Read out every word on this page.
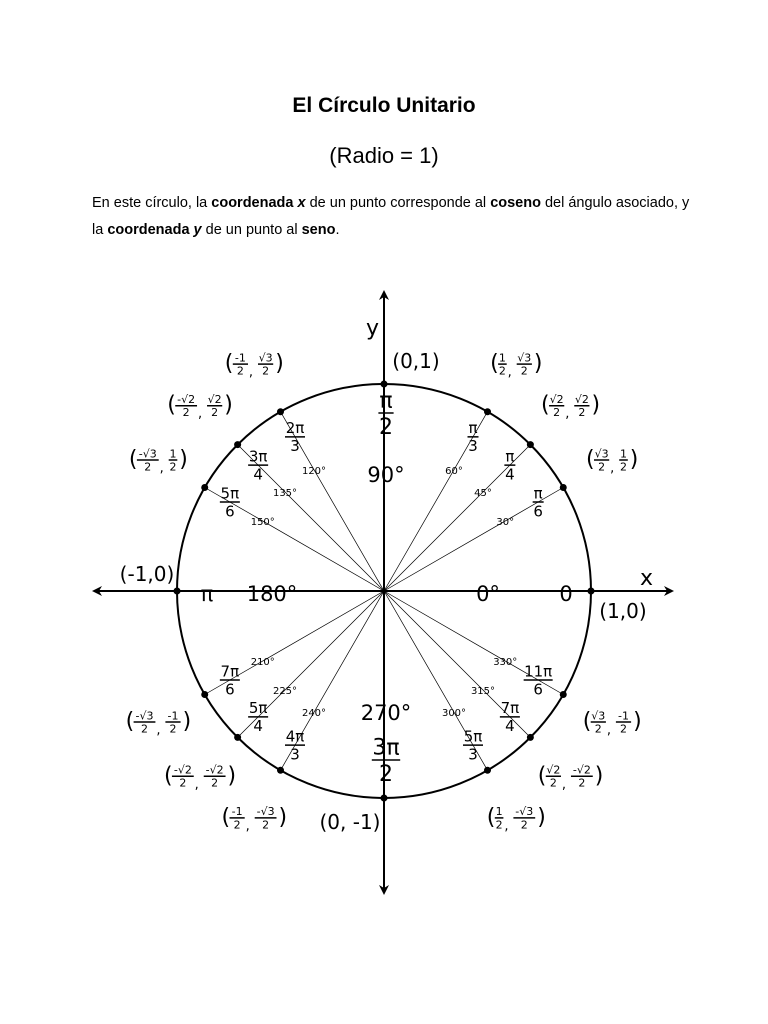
El Círculo Unitario
(Radio = 1)
En este círculo, la coordenada x de un punto corresponde al coseno del ángulo asociado, y la coordenada y de un punto al seno.
x
y
30°
π
6
( √3
2 ,
1
2 )
45°
π
4
( √2
2 ,
√2
2 )
60°
π
3
( 1
2 ,
√3
2 )
120°
2π
3
( -1
2 ,
√3
2 )
135°
3π
4
( -√2
2 ,
√2
2 )
150°
5π
6
( -√3
2 ,
1
2 )
210°
7π
6
( -√3
2 ,
-1
2 )
225°
5π
4
( -√2
2 ,
-√2
2 )
240°
4π
3
( -1
2 ,
-√3
2 )
300°
5π
3
( 1
2 ,
-√3
2 )
315°
7π
4
( √2
2 ,
-√2
2 )
330° 11π
6
( √3
2 ,
-1
2 )
0°	0
(1,0)
π
2
90°
(0,1)
π 180°
(-1,0)
270°
3π
2
(0, -1)
